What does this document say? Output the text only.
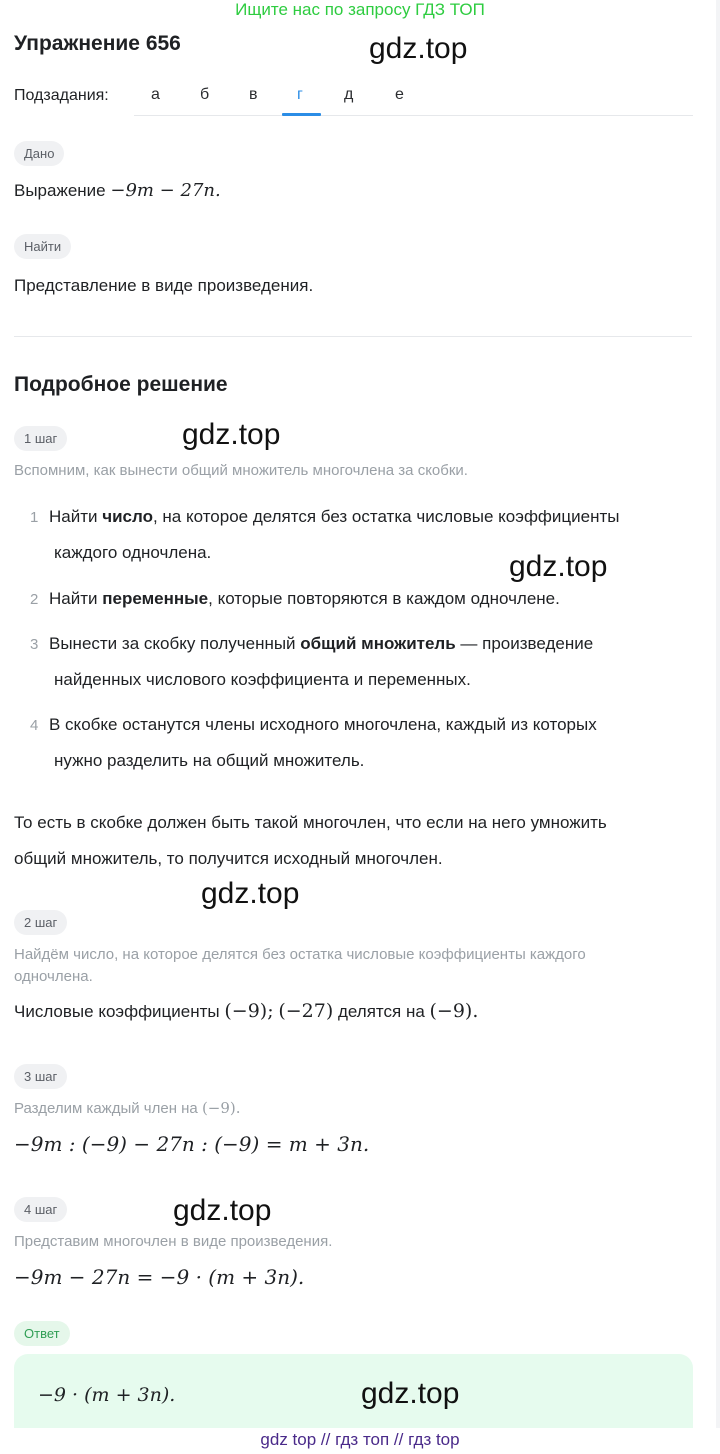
Ищите нас по запросу ГДЗ ТОП
Упражнение 656	gdz.top
Подзадания:	а	б в г	д	е
Дано
Выражение −9m − 27n.
Найти
Представление в виде произведения.
Подробное решение
1 шаг	gdz.top
Вспомним, как вынести общий множитель многочлена за скобки.
1 Найти число, на которое делятся без остатка числовые коэффициенты
каждого одночлена.
2 Найти переменные, которые повторяются в каждом одночлене.
3 Вынести за скобку полученный общий множитель — произведение
найденных числового коэффициента и переменных.
4 В скобке останутся члены исходного многочлена, каждый из которых
нужно разделить на общий множитель.
gdz.top
То есть в скобке должен быть такой многочлен, что если на него умножить
общий множитель, то получится исходный многочлен.
gdz.top
2 шаг
Найдём число, на которое делятся без остатка числовые коэффициенты каждого
одночлена.
Числовые коэффициенты (−9); (−27) делятся на (−9).
3 шаг
Разделим каждый член на (−9).
−9m : (−9) − 27n : (−9) = m + 3n.
4 шаг	gdz.top
Представим многочлен в виде произведения.
−9m − 27n = −9 · (m + 3n).
Ответ
−9 · (m + 3n).	gdz.top
gdz top // гдз топ // гдз top
